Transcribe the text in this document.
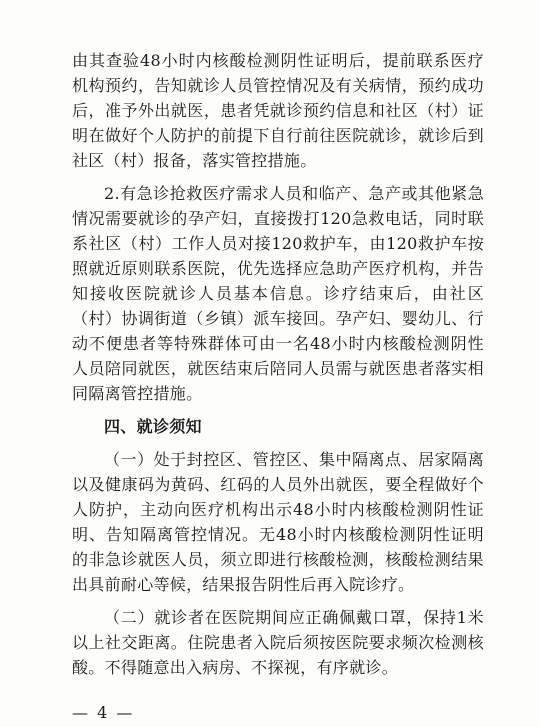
由其查验48小时内核酸检测阴性证明后，提前联系医疗机构预约，告知就诊人员管控情况及有关病情，预约成功后，准予外出就医，患者凭就诊预约信息和社区（村）证明在做好个人防护的前提下自行前往医院就诊，就诊后到社区（村）报备，落实管控措施。

2.有急诊抢救医疗需求人员和临产、急产或其他紧急情况需要就诊的孕产妇，直接拨打120急救电话，同时联系社区（村）工作人员对接120救护车，由120救护车按照就近原则联系医院，优先选择应急助产医疗机构，并告知接收医院就诊人员基本信息。诊疗结束后，由社区（村）协调街道（乡镇）派车接回。孕产妇、婴幼儿、行动不便患者等特殊群体可由一名48小时内核酸检测阴性人员陪同就医，就医结束后陪同人员需与就医患者落实相同隔离管控措施。

四、就诊须知

（一）处于封控区、管控区、集中隔离点、居家隔离以及健康码为黄码、红码的人员外出就医，要全程做好个人防护，主动向医疗机构出示48小时内核酸检测阴性证明、告知隔离管控情况。无48小时内核酸检测阴性证明的非急诊就医人员，须立即进行核酸检测，核酸检测结果出具前耐心等候，结果报告阴性后再入院诊疗。

（二）就诊者在医院期间应正确佩戴口罩，保持1米以上社交距离。住院患者入院后须按医院要求频次检测核酸。不得随意出入病房、不探视，有序就诊。

— 4 —
